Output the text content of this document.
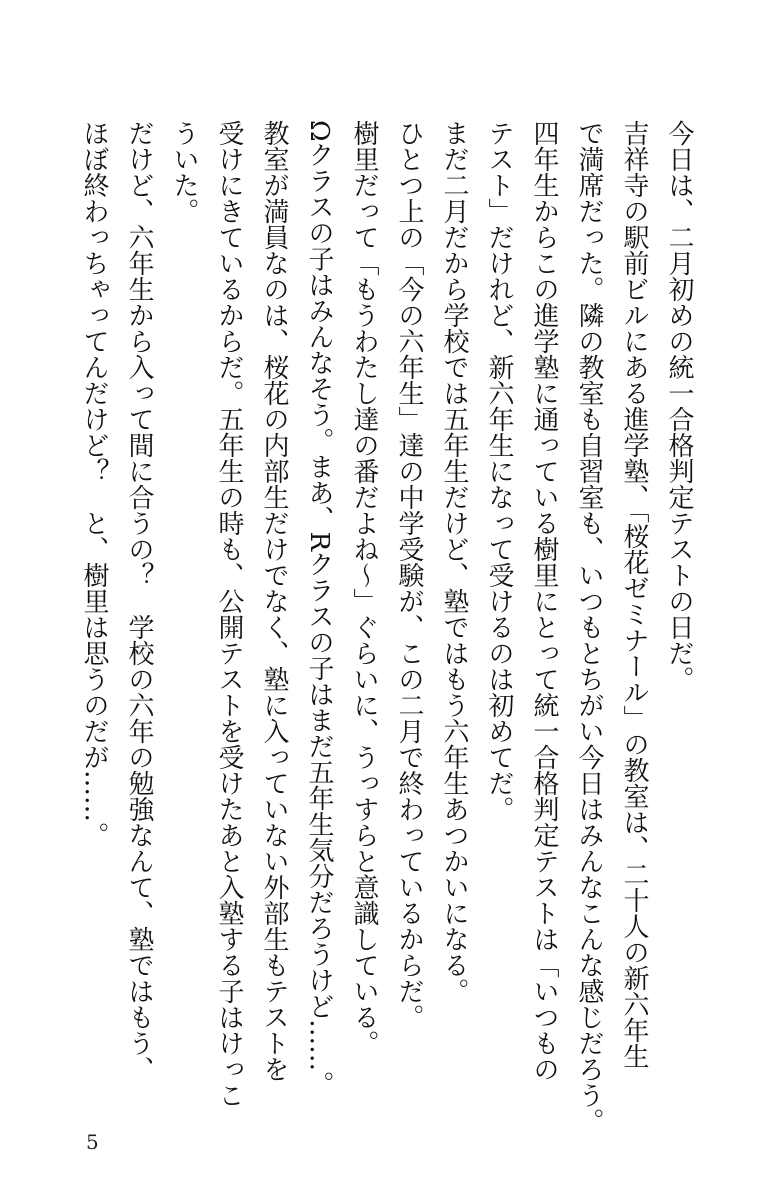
今日は、二月初めの統一合格判定テストの日だ。
吉祥寺の駅前ビルにある進学塾、「桜花ゼミナール」の教室は、二十人の新六年生
で満席だった。隣の教室も自習室も、いつもとちがい今日はみんなこんな感じだろう。
四年生からこの進学塾に通っている樹里にとって統一合格判定テストは「いつもの
テスト」だけれど、新六年生になって受けるのは初めてだ。
まだ二月だから学校では五年生だけど、塾ではもう六年生あつかいになる。
ひとつ上の「今の六年生」達の中学受験が、この二月で終わっているからだ。
樹里だって「もうわたし達の番だよね〜」ぐらいに、うっすらと意識している。
Ωクラスの子はみんなそう。まあ、Rクラスの子はまだ五年生気分だろうけど……。
教室が満員なのは、桜花の内部生だけでなく、塾に入っていない外部生もテストを
受けにきているからだ。五年生の時も、公開テストを受けたあと入塾する子はけっこ
ういた。
だけど、六年生から入って間に合うの？　学校の六年の勉強なんて、塾ではもう、
ほぼ終わっちゃってんだけど？　と、樹里は思うのだが……。
5
